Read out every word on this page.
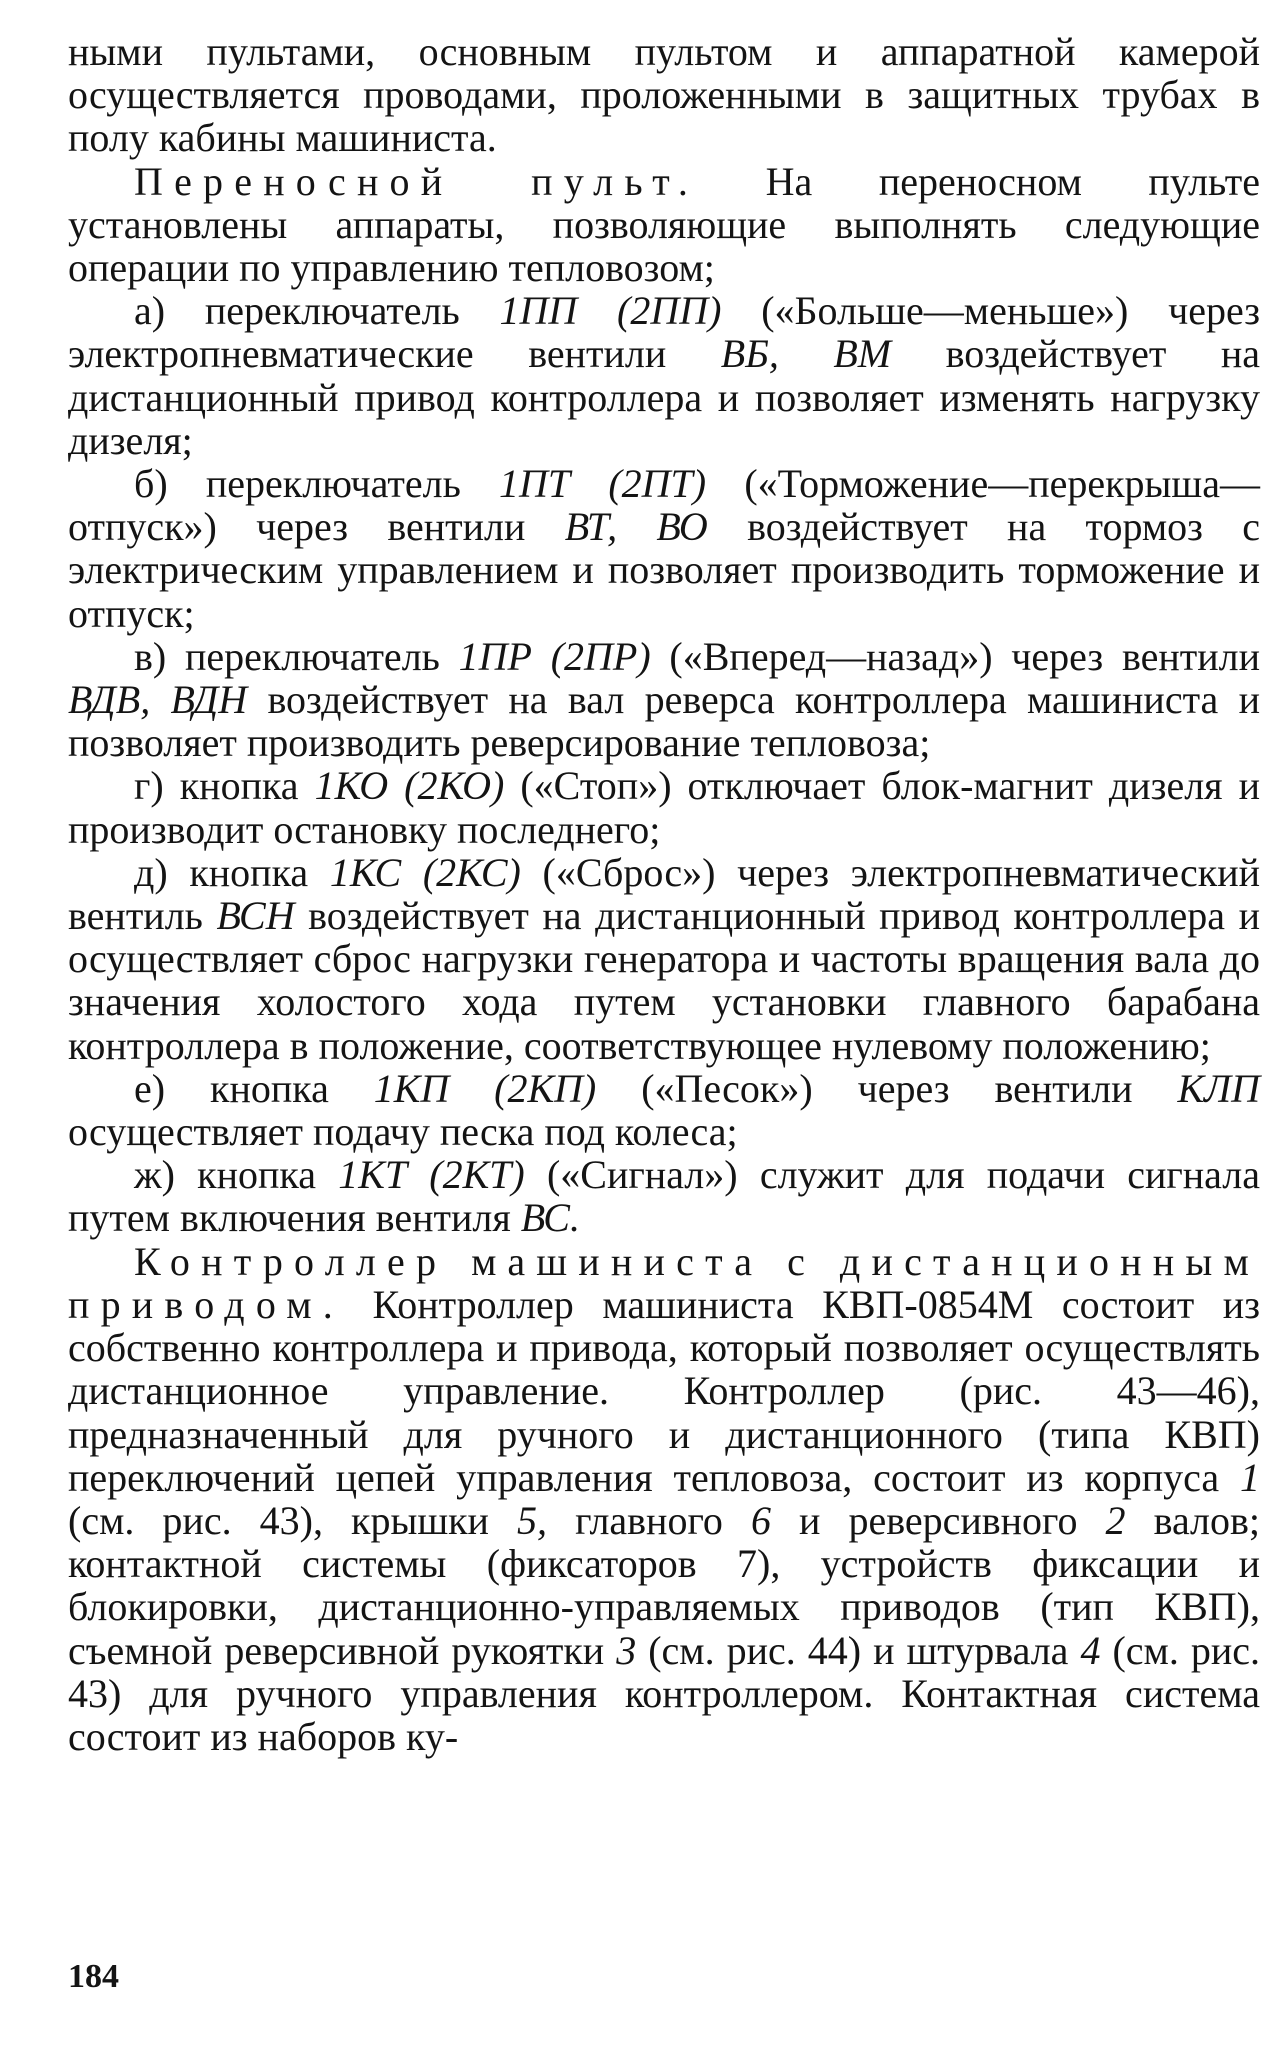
ными пультами, основным пультом и аппаратной камерой осуществляется проводами, проложенными в защитных трубах в полу кабины машиниста.

Переносной пульт. На переносном пульте установлены аппараты, позволяющие выполнять следующие операции по управлению тепловозом;

а) переключатель 1ПП (2ПП) («Больше—меньше») через электропневматические вентили ВБ, ВМ воздействует на дистанционный привод контроллера и позволяет изменять нагрузку дизеля;

б) переключатель 1ПТ (2ПТ) («Торможение—перекрыша—отпуск») через вентили ВТ, ВО воздействует на тормоз с электрическим управлением и позволяет производить торможение и отпуск;

в) переключатель 1ПР (2ПР) («Вперед—назад») через вентили ВДВ, ВДН воздействует на вал реверса контроллера машиниста и позволяет производить реверсирование тепловоза;

г) кнопка 1КО (2КО) («Стоп») отключает блок-магнит дизеля и производит остановку последнего;

д) кнопка 1КС (2КС) («Сброс») через электропневматический вентиль ВСН воздействует на дистанционный привод контроллера и осуществляет сброс нагрузки генератора и частоты вращения вала до значения холостого хода путем установки главного барабана контроллера в положение, соответствующее нулевому положению;

е) кнопка 1КП (2КП) («Песок») через вентили КЛП осуществляет подачу песка под колеса;

ж) кнопка 1КТ (2КТ) («Сигнал») служит для подачи сигнала путем включения вентиля ВС.

Контроллер машиниста с дистанционным приводом. Контроллер машиниста КВП-0854М состоит из собственно контроллера и привода, который позволяет осуществлять дистанционное управление. Контроллер (рис. 43—46), предназначенный для ручного и дистанционного (типа КВП) переключений цепей управления тепловоза, состоит из корпуса 1 (см. рис. 43), крышки 5, главного 6 и реверсивного 2 валов; контактной системы (фиксаторов 7), устройств фиксации и блокировки, дистанционно-управляемых приводов (тип КВП), съемной реверсивной рукоятки 3 (см. рис. 44) и штурвала 4 (см. рис. 43) для ручного управления контроллером. Контактная система состоит из наборов ку-

184
